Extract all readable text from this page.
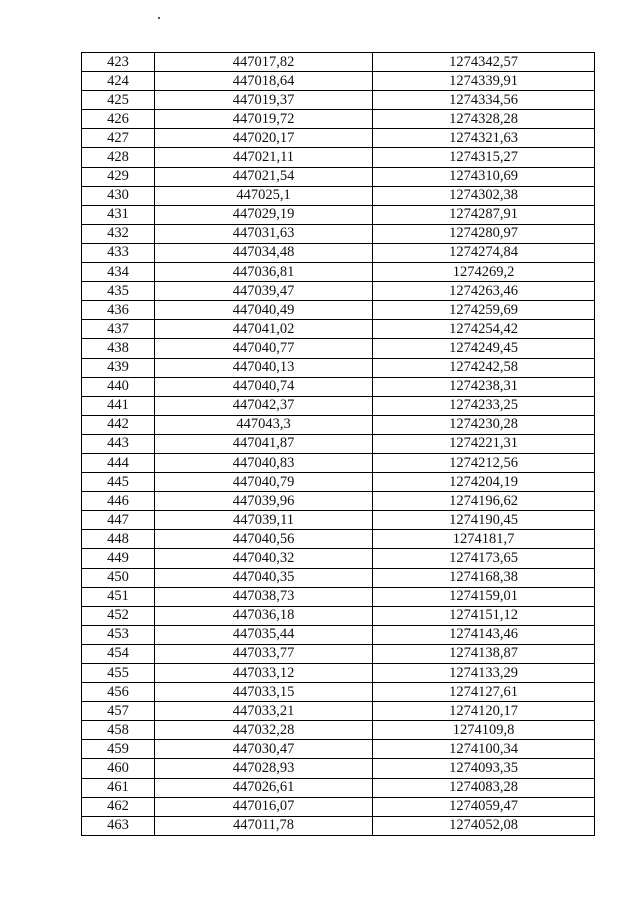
423	447017,82	1274342,57
424	447018,64	1274339,91
425	447019,37	1274334,56
426	447019,72	1274328,28
427	447020,17	1274321,63
428	447021,11	1274315,27
429	447021,54	1274310,69
430	447025,1	1274302,38
431	447029,19	1274287,91
432	447031,63	1274280,97
433	447034,48	1274274,84
434	447036,81	1274269,2
435	447039,47	1274263,46
436	447040,49	1274259,69
437	447041,02	1274254,42
438	447040,77	1274249,45
439	447040,13	1274242,58
440	447040,74	1274238,31
441	447042,37	1274233,25
442	447043,3	1274230,28
443	447041,87	1274221,31
444	447040,83	1274212,56
445	447040,79	1274204,19
446	447039,96	1274196,62
447	447039,11	1274190,45
448	447040,56	1274181,7
449	447040,32	1274173,65
450	447040,35	1274168,38
451	447038,73	1274159,01
452	447036,18	1274151,12
453	447035,44	1274143,46
454	447033,77	1274138,87
455	447033,12	1274133,29
456	447033,15	1274127,61
457	447033,21	1274120,17
458	447032,28	1274109,8
459	447030,47	1274100,34
460	447028,93	1274093,35
461	447026,61	1274083,28
462	447016,07	1274059,47
463	447011,78	1274052,08
